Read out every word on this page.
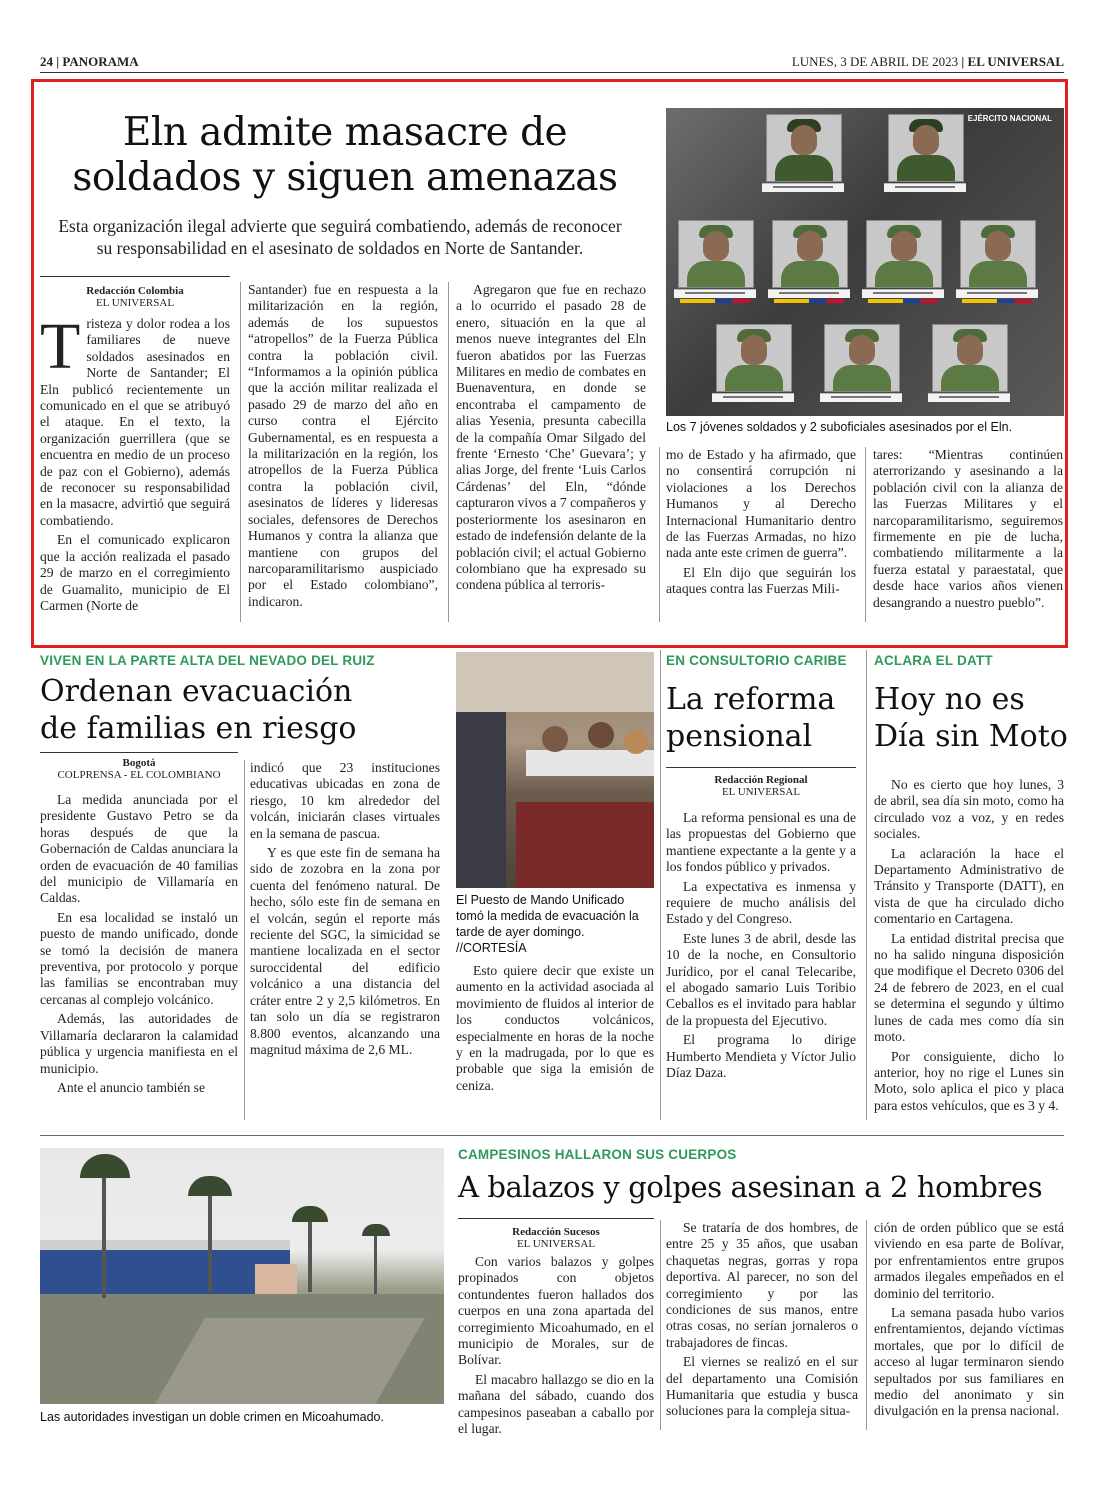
24 | PANORAMA	LUNES, 3 DE ABRIL DE 2023 | EL UNIVERSAL
Eln admite masacre de
soldados y siguen amenazas
Esta organización ilegal advierte que seguirá combatiendo, además de reconocer
su responsabilidad en el asesinato de soldados en Norte de Santander.
Redacción Colombia
EL UNIVERSAL

Tristeza y dolor rodea a los familiares de nueve soldados asesinados en Norte de Santander; El Eln publicó recientemente un comunicado en el que se atribuyó el ataque. En el texto, la organización guerrillera (que se encuentra en medio de un proceso de paz con el Gobierno), además de reconocer su responsabilidad en la masacre, advirtió que seguirá combatiendo.

En el comunicado explicaron que la acción realizada el pasado 29 de marzo en el corregimiento de Guamalito, municipio de El Carmen (Norte de

Santander) fue en respuesta a la militarización en la región, además de los supuestos “atropellos” de la Fuerza Pública contra la población civil. “Informamos a la opinión pública que la acción militar realizada el pasado 29 de marzo del año en curso contra el Ejército Gubernamental, es en respuesta a la militarización en la región, los atropellos de la Fuerza Pública contra la población civil, asesinatos de líderes y lideresas sociales, defensores de Derechos Humanos y contra la alianza que mantiene con grupos del narcoparamilitarismo auspiciado por el Estado colombiano”, indicaron.

Agregaron que fue en rechazo a lo ocurrido el pasado 28 de enero, situación en la que al menos nueve integrantes del Eln fueron abatidos por las Fuerzas Militares en medio de combates en Buenaventura, en donde se encontraba el campamento de alias Yesenia, presunta cabecilla de la compañía Omar Silgado del frente ‘Ernesto ‘Che’ Guevara’; y alias Jorge, del frente ‘Luis Carlos Cárdenas’ del Eln, “dónde capturaron vivos a 7 compañeros y posteriormente los asesinaron en estado de indefensión delante de la población civil; el actual Gobierno colombiano que ha expresado su condena pública al terroris-

mo de Estado y ha afirmado, que no consentirá corrupción ni violaciones a los Derechos Humanos y al Derecho Internacional Humanitario dentro de las Fuerzas Armadas, no hizo nada ante este crimen de guerra”.

El Eln dijo que seguirán los ataques contra las Fuerzas Mili-

tares: “Mientras continúen aterrorizando y asesinando a la población civil con la alianza de las Fuerzas Militares y el narcoparamilitarismo, seguiremos firmemente en pie de lucha, combatiendo militarmente a la fuerza estatal y paraestatal, que desde hace varios años vienen desangrando a nuestro pueblo”.

EJÉRCITO NACIONAL
Los 7 jóvenes soldados y 2 suboficiales asesinados por el Eln.
VIVEN EN LA PARTE ALTA DEL NEVADO DEL RUIZ
Ordenan evacuación
de familias en riesgo
Bogotá
COLPRENSA - EL COLOMBIANO

La medida anunciada por el presidente Gustavo Petro se da horas después de que la Gobernación de Caldas anunciara la orden de evacuación de 40 familias del municipio de Villamaría en Caldas.

En esa localidad se instaló un puesto de mando unificado, donde se tomó la decisión de manera preventiva, por protocolo y porque las familias se encontraban muy cercanas al complejo volcánico.

Además, las autoridades de Villamaría declararon la calamidad pública y urgencia manifiesta en el municipio.

Ante el anuncio también se

indicó que 23 instituciones educativas ubicadas en zona de riesgo, 10 km alrededor del volcán, iniciarán clases virtuales en la semana de pascua.

Y es que este fin de semana ha sido de zozobra en la zona por cuenta del fenómeno natural. De hecho, sólo este fin de semana en el volcán, según el reporte más reciente del SGC, la simicidad se mantiene localizada en el sector suroccidental del edificio volcánico a una distancia del cráter entre 2 y 2,5 kilómetros. En tan solo un día se registraron 8.800 eventos, alcanzando una magnitud máxima de 2,6 ML.

El Puesto de Mando Unificado tomó la medida de evacuación la tarde de ayer domingo. //CORTESÍA

Esto quiere decir que existe un aumento en la actividad asociada al movimiento de fluidos al interior de los conductos volcánicos, especialmente en horas de la noche y en la madrugada, por lo que es probable que siga la emisión de ceniza.

EN CONSULTORIO CARIBE
La reforma
pensional
Redacción Regional
EL UNIVERSAL

La reforma pensional es una de las propuestas del Gobierno que mantiene expectante a la gente y a los fondos público y privados.

La expectativa es inmensa y requiere de mucho análisis del Estado y del Congreso.

Este lunes 3 de abril, desde las 10 de la noche, en Consultorio Jurídico, por el canal Telecaribe, el abogado samario Luis Toribio Ceballos es el invitado para hablar de la propuesta del Ejecutivo.

El programa lo dirige Humberto Mendieta y Víctor Julio Díaz Daza.

ACLARA EL DATT
Hoy no es
Día sin Moto

No es cierto que hoy lunes, 3 de abril, sea día sin moto, como ha circulado voz a voz, y en redes sociales.

La aclaración la hace el Departamento Administrativo de Tránsito y Transporte (DATT), en vista de que ha circulado dicho comentario en Cartagena.

La entidad distrital precisa que no ha salido ninguna disposición que modifique el Decreto 0306 del 24 de febrero de 2023, en el cual se determina el segundo y último lunes de cada mes como día sin moto.

Por consiguiente, dicho lo anterior, hoy no rige el Lunes sin Moto, solo aplica el pico y placa para estos vehículos, que es 3 y 4.

Las autoridades investigan un doble crimen en Micoahumado.
CAMPESINOS HALLARON SUS CUERPOS
A balazos y golpes asesinan a 2 hombres
Redacción Sucesos
EL UNIVERSAL

Con varios balazos y golpes propinados con objetos contundentes fueron hallados dos cuerpos en una zona apartada del corregimiento Micoahumado, en el municipio de Morales, sur de Bolívar.

El macabro hallazgo se dio en la mañana del sábado, cuando dos campesinos paseaban a caballo por el lugar.

Se trataría de dos hombres, de entre 25 y 35 años, que usaban chaquetas negras, gorras y ropa deportiva. Al parecer, no son del corregimiento y por las condiciones de sus manos, entre otras cosas, no serían jornaleros o trabajadores de fincas.

El viernes se realizó en el sur del departamento una Comisión Humanitaria que estudia y busca soluciones para la compleja situa-

ción de orden público que se está viviendo en esa parte de Bolívar, por enfrentamientos entre grupos armados ilegales empeñados en el dominio del territorio.

La semana pasada hubo varios enfrentamientos, dejando víctimas mortales, que por lo difícil de acceso al lugar terminaron siendo sepultados por sus familiares en medio del anonimato y sin divulgación en la prensa nacional.
